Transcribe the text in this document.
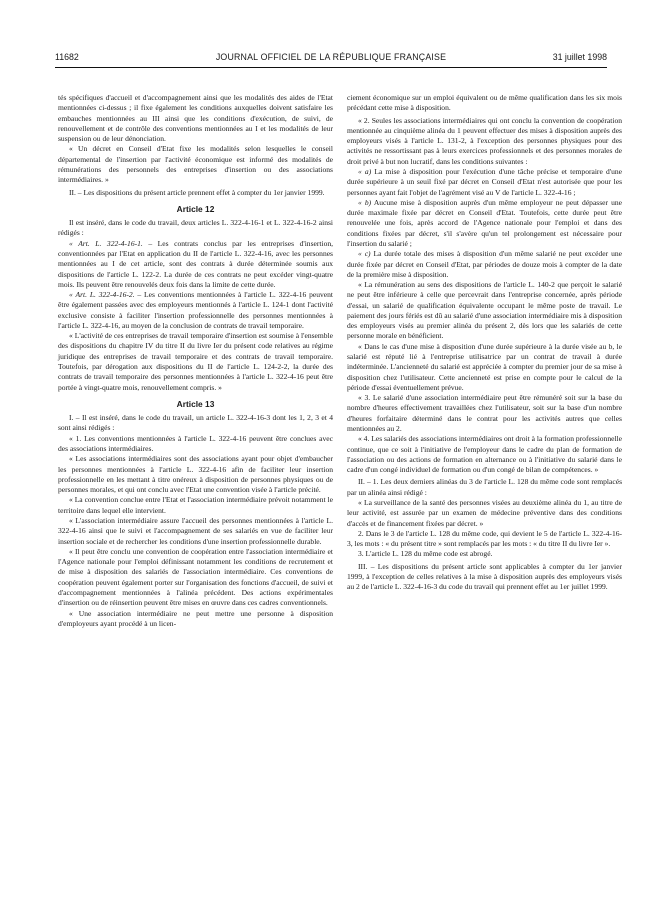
11682	JOURNAL OFFICIEL DE LA RÉPUBLIQUE FRANÇAISE	31 juillet 1998

tés spécifiques d'accueil et d'accompagnement ainsi que les modalités des aides de l'Etat mentionnées ci-dessus ; il fixe également les conditions auxquelles doivent satisfaire les embauches mentionnées au III ainsi que les conditions d'exécution, de suivi, de renouvellement et de contrôle des conventions mentionnées au I et les modalités de leur suspension ou de leur dénonciation.

« Un décret en Conseil d'Etat fixe les modalités selon lesquelles le conseil départemental de l'insertion par l'activité économique est informé des modalités de rémunérations des personnels des entreprises d'insertion ou des associations intermédiaires. »

II. – Les dispositions du présent article prennent effet à compter du 1er janvier 1999.

Article 12

Il est inséré, dans le code du travail, deux articles L. 322-4-16-1 et L. 322-4-16-2 ainsi rédigés :

« Art. L. 322-4-16-1. – Les contrats conclus par les entreprises d'insertion, conventionnées par l'Etat en application du II de l'article L. 322-4-16, avec les personnes mentionnées au I de cet article, sont des contrats à durée déterminée soumis aux dispositions de l'article L. 122-2. La durée de ces contrats ne peut excéder vingt-quatre mois. Ils peuvent être renouvelés deux fois dans la limite de cette durée.

« Art. L. 322-4-16-2. – Les conventions mentionnées à l'article L. 322-4-16 peuvent être également passées avec des employeurs mentionnés à l'article L. 124-1 dont l'activité exclusive consiste à faciliter l'insertion professionnelle des personnes mentionnées à l'article L. 322-4-16, au moyen de la conclusion de contrats de travail temporaire.

« L'activité de ces entreprises de travail temporaire d'insertion est soumise à l'ensemble des dispositions du chapitre IV du titre II du livre Ier du présent code relatives au régime juridique des entreprises de travail temporaire et des contrats de travail temporaire. Toutefois, par dérogation aux dispositions du II de l'article L. 124-2-2, la durée des contrats de travail temporaire des personnes mentionnées à l'article L. 322-4-16 peut être portée à vingt-quatre mois, renouvellement compris. »

Article 13

I. – Il est inséré, dans le code du travail, un article L. 322-4-16-3 dont les 1, 2, 3 et 4 sont ainsi rédigés :

« 1. Les conventions mentionnées à l'article L. 322-4-16 peuvent être conclues avec des associations intermédiaires.

« Les associations intermédiaires sont des associations ayant pour objet d'embaucher les personnes mentionnées à l'article L. 322-4-16 afin de faciliter leur insertion professionnelle en les mettant à titre onéreux à disposition de personnes physiques ou de personnes morales, et qui ont conclu avec l'Etat une convention visée à l'article précité.

« La convention conclue entre l'Etat et l'association intermédiaire prévoit notamment le territoire dans lequel elle intervient.

« L'association intermédiaire assure l'accueil des personnes mentionnées à l'article L. 322-4-16 ainsi que le suivi et l'accompagnement de ses salariés en vue de faciliter leur insertion sociale et de rechercher les conditions d'une insertion professionnelle durable.

« Il peut être conclu une convention de coopération entre l'association intermédiaire et l'Agence nationale pour l'emploi définissant notamment les conditions de recrutement et de mise à disposition des salariés de l'association intermédiaire. Ces conventions de coopération peuvent également porter sur l'organisation des fonctions d'accueil, de suivi et d'accompagnement mentionnées à l'alinéa précédent. Des actions expérimentales d'insertion ou de réinsertion peuvent être mises en œuvre dans ces cadres conventionnels.

« Une association intermédiaire ne peut mettre une personne à disposition d'employeurs ayant procédé à un licen-

ciement économique sur un emploi équivalent ou de même qualification dans les six mois précédant cette mise à disposition.

« 2. Seules les associations intermédiaires qui ont conclu la convention de coopération mentionnée au cinquième alinéa du 1 peuvent effectuer des mises à disposition auprès des employeurs visés à l'article L. 131-2, à l'exception des personnes physiques pour des activités ne ressortissant pas à leurs exercices professionnels et des personnes morales de droit privé à but non lucratif, dans les conditions suivantes :

« a) La mise à disposition pour l'exécution d'une tâche précise et temporaire d'une durée supérieure à un seuil fixé par décret en Conseil d'Etat n'est autorisée que pour les personnes ayant fait l'objet de l'agrément visé au V de l'article L. 322-4-16 ;

« b) Aucune mise à disposition auprès d'un même employeur ne peut dépasser une durée maximale fixée par décret en Conseil d'Etat. Toutefois, cette durée peut être renouvelée une fois, après accord de l'Agence nationale pour l'emploi et dans des conditions fixées par décret, s'il s'avère qu'un tel prolongement est nécessaire pour l'insertion du salarié ;

« c) La durée totale des mises à disposition d'un même salarié ne peut excéder une durée fixée par décret en Conseil d'Etat, par périodes de douze mois à compter de la date de la première mise à disposition.

« La rémunération au sens des dispositions de l'article L. 140-2 que perçoit le salarié ne peut être inférieure à celle que percevrait dans l'entreprise concernée, après période d'essai, un salarié de qualification équivalente occupant le même poste de travail. Le paiement des jours fériés est dû au salarié d'une association intermédiaire mis à disposition des employeurs visés au premier alinéa du présent 2, dès lors que les salariés de cette personne morale en bénéficient.

« Dans le cas d'une mise à disposition d'une durée supérieure à la durée visée au b, le salarié est réputé lié à l'entreprise utilisatrice par un contrat de travail à durée indéterminée. L'ancienneté du salarié est appréciée à compter du premier jour de sa mise à disposition chez l'utilisateur. Cette ancienneté est prise en compte pour le calcul de la période d'essai éventuellement prévue.

« 3. Le salarié d'une association intermédiaire peut être rémunéré soit sur la base du nombre d'heures effectivement travaillées chez l'utilisateur, soit sur la base d'un nombre d'heures forfaitaire déterminé dans le contrat pour les activités autres que celles mentionnées au 2.

« 4. Les salariés des associations intermédiaires ont droit à la formation professionnelle continue, que ce soit à l'initiative de l'employeur dans le cadre du plan de formation de l'association ou des actions de formation en alternance ou à l'initiative du salarié dans le cadre d'un congé individuel de formation ou d'un congé de bilan de compétences. »

II. – 1. Les deux derniers alinéas du 3 de l'article L. 128 du même code sont remplacés par un alinéa ainsi rédigé :

« La surveillance de la santé des personnes visées au deuxième alinéa du 1, au titre de leur activité, est assurée par un examen de médecine préventive dans des conditions d'accès et de financement fixées par décret. »

2. Dans le 3 de l'article L. 128 du même code, qui devient le 5 de l'article L. 322-4-16-3, les mots : « du présent titre » sont remplacés par les mots : « du titre II du livre Ier ».

3. L'article L. 128 du même code est abrogé.

III. – Les dispositions du présent article sont applicables à compter du 1er janvier 1999, à l'exception de celles relatives à la mise à disposition auprès des employeurs visés au 2 de l'article L. 322-4-16-3 du code du travail qui prennent effet au 1er juillet 1999.
